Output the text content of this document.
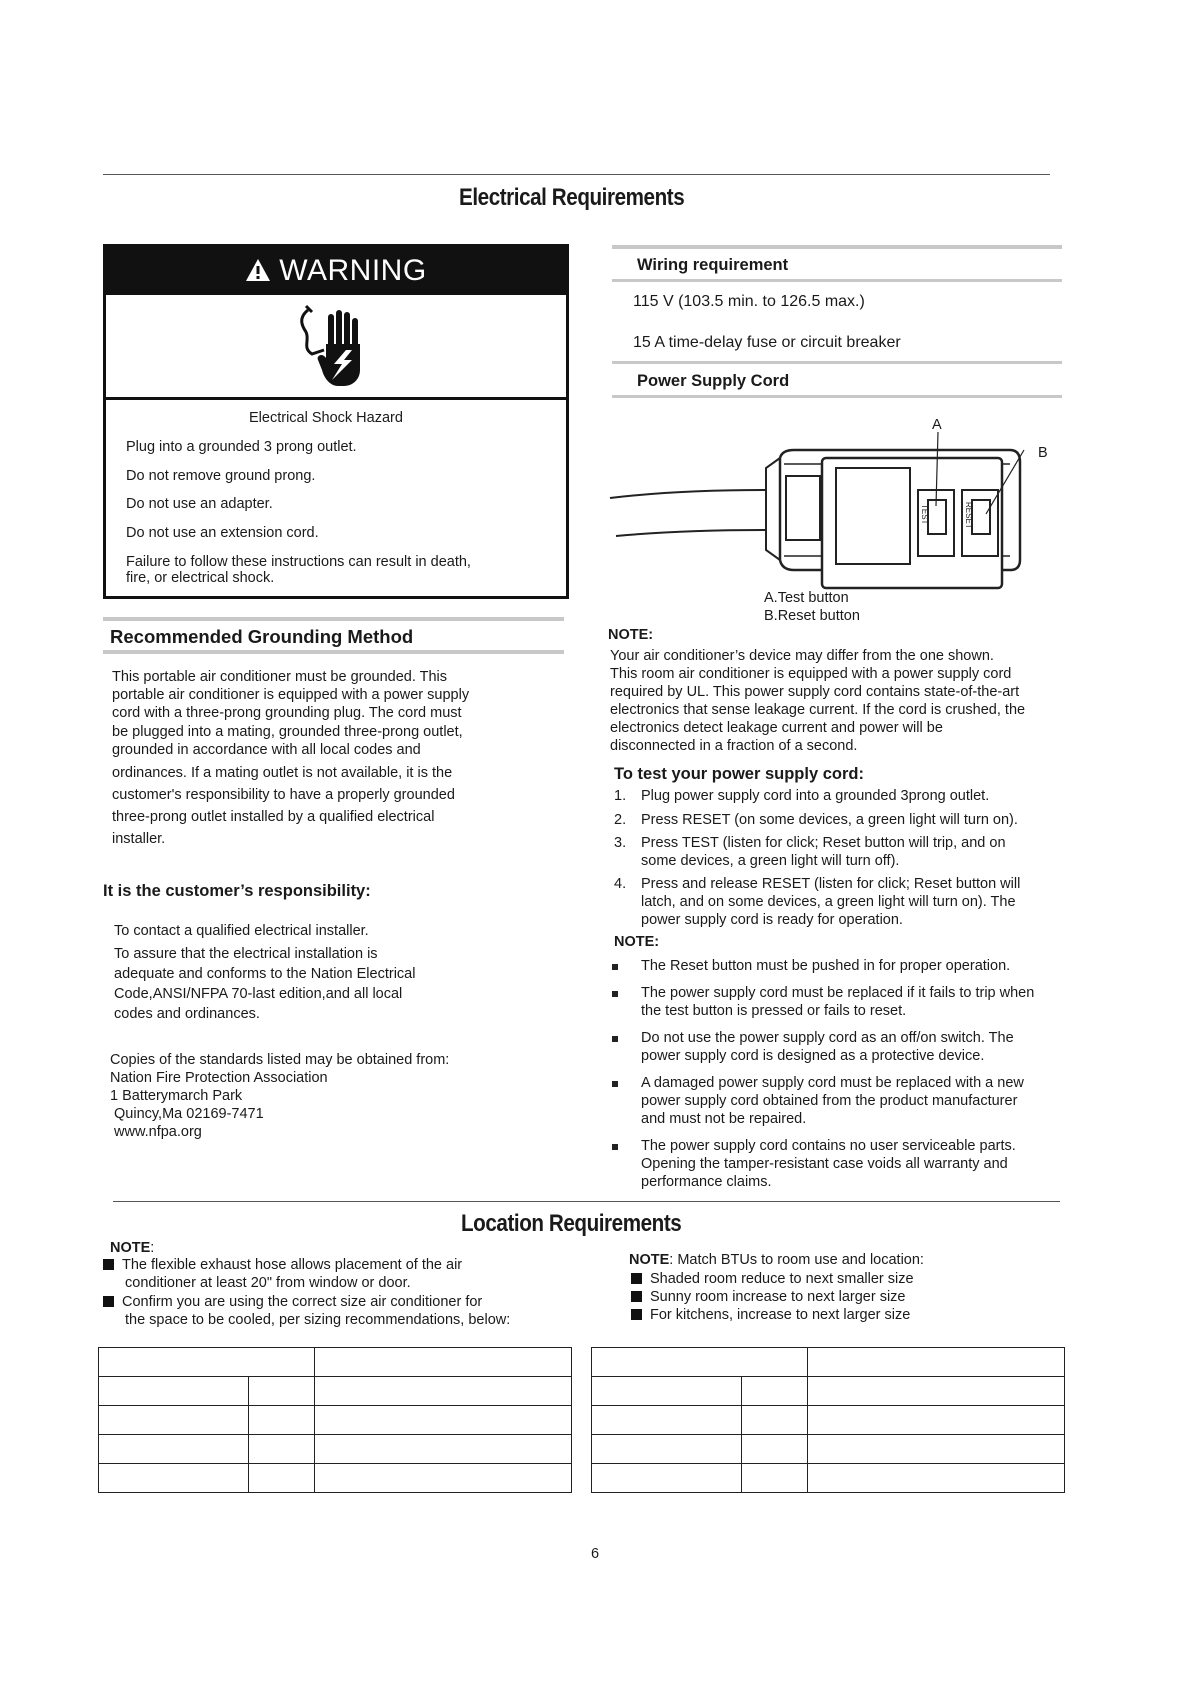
Electrical Requirements
WARNING
Electrical Shock Hazard
Plug into a grounded 3 prong outlet.
Do not remove ground prong.
Do not use an adapter.
Do not use an extension cord.
Failure to follow these instructions can result in death,
fire, or electrical shock.
Recommended Grounding Method
This portable air conditioner must be grounded. This
portable air conditioner is equipped with a power supply
cord with a three-prong grounding plug. The cord must
be plugged into a mating, grounded three-prong outlet,
grounded in accordance with all local codes and
ordinances. If a mating outlet is not available, it is the
customer's responsibility to have a properly grounded
three-prong outlet installed by a qualified electrical
installer.
It is the customer’s responsibility:
To contact a qualified electrical installer.
To assure that the electrical installation is
adequate and conforms to the Nation Electrical
Code,ANSI/NFPA 70-last edition,and all local
codes and ordinances.
Copies of the standards listed may be obtained from:
Nation Fire Protection Association
1 Batterymarch Park
Quincy,Ma 02169-7471
www.nfpa.org
Wiring requirement
115 V (103.5 min. to 126.5 max.)
15 A time-delay fuse or circuit breaker
Power Supply Cord
TEST	RESET
A
B
A.Test button
B.Reset button
NOTE:
Your air conditioner’s device may differ from the one shown.
This room air conditioner is equipped with a power supply cord
required by UL. This power supply cord contains state-of-the-art
electronics that sense leakage current. If the cord is crushed, the
electronics detect leakage current and power will be
disconnected in a fraction of a second.
To test your power supply cord:
1. Plug power supply cord into a grounded 3prong outlet.
2. Press RESET (on some devices, a green light will turn on).
3. Press TEST (listen for click; Reset button will trip, and on
some devices, a green light will turn off).
4. Press and release RESET (listen for click; Reset button will
latch, and on some devices, a green light will turn on). The
power supply cord is ready for operation.
NOTE:
The Reset button must be pushed in for proper operation.
The power supply cord must be replaced if it fails to trip when
the test button is pressed or fails to reset.
Do not use the power supply cord as an off/on switch. The
power supply cord is designed as a protective device.
A damaged power supply cord must be replaced with a new
power supply cord obtained from the product manufacturer
and must not be repaired.
The power supply cord contains no user serviceable parts.
Opening the tamper-resistant case voids all warranty and
performance claims.
Location Requirements
NOTE:
The flexible exhaust hose allows placement of the air
conditioner at least 20" from window or door.
Confirm you are using the correct size air conditioner for
the space to be cooled, per sizing recommendations, below:
NOTE: Match BTUs to room use and location:
Shaded room reduce to next smaller size
Sunny room increase to next larger size
For kitchens, increase to next larger size

6
